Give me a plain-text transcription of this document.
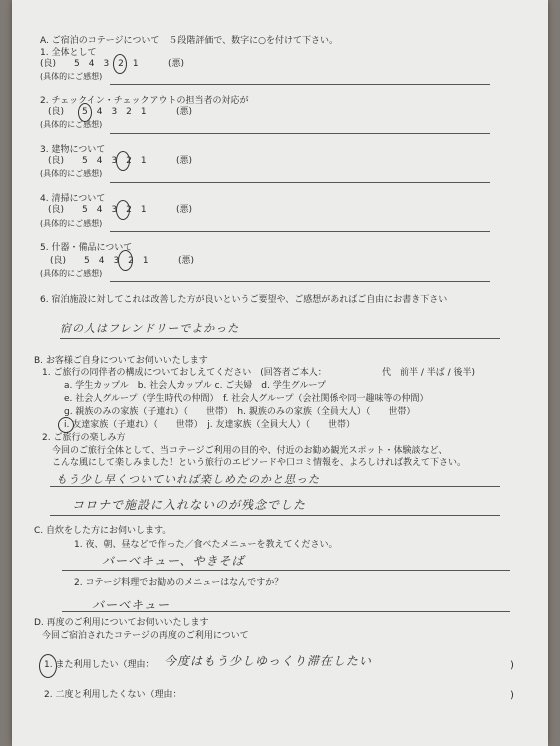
A. ご宿泊のコテージについて　５段階評価で、数字に○を付けて下さい。
1. 全体として
(良) 5　4　3　2　1	(悪)
(具体的にご感想)
2. チェックイン・チェックアウトの担当者の対応が
(良) 5　4　3　2　1	(悪)
(具体的にご感想)
3. 建物について
(良) 5　4　3　2　1	(悪)
(具体的にご感想)
4. 清掃について
(良) 5　4　3　2　1	(悪)
(具体的にご感想)
5. 什器・備品について
(良) 5　4　3　2　1	(悪)
(具体的にご感想)
6. 宿泊施設に対してこれは改善した方が良いというご要望や、ご感想があればご自由にお書き下さい
宿の人はフレンドリーでよかった
B. お客様ご自身についてお伺いいたします
1. ご旅行の同伴者の構成についておしえてください　(回答者ご本人：	代　前半 / 半ば / 後半)
a. 学生カップル　b. 社会人カップル c. ご夫婦　d. 学生グループ
e. 社会人グループ（学生時代の仲間）　f. 社会人グループ（会社関係や同一趣味等の仲間）
g. 親族のみの家族（子連れ）（　　世帯）　h. 親族のみの家族（全員大人）（　　世帯）
i. 友達家族（子連れ）（　　世帯）　j. 友達家族（全員大人）（　　世帯）
2. ご旅行の楽しみ方
今回のご旅行全体として、当コテージご利用の目的や、付近のお勧め観光スポット・体験談など、
こんな風にして楽しみました！という旅行のエピソードや口コミ情報を、よろしければ教えて下さい。
もう少し早くついていれば楽しめたのかと思った
コロナで施設に入れないのが残念でした
C. 自炊をした方にお伺いします。
1. 夜、朝、昼などで作った／食べたメニューを教えてください。
バーベキュー、やきそば
2. コテージ料理でお勧めのメニューはなんですか？
バーベキュー
D. 再度のご利用についてお伺いいたします
今回ご宿泊されたコテージの再度のご利用について
1. また利用したい（理由： 今度はもう少しゆっくり滞在したい	)
2. 二度と利用したくない（理由：	)
